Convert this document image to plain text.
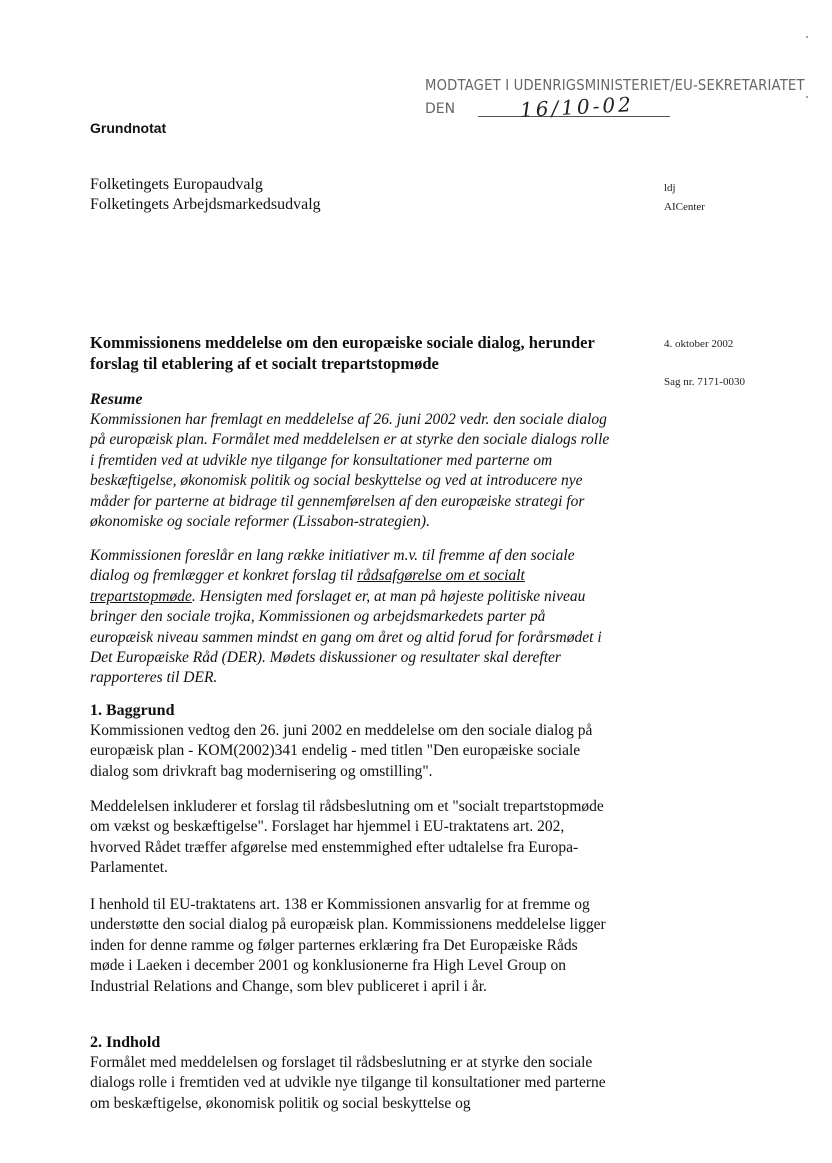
MODTAGET I UDENRIGSMINISTERIET/EU-SEKRETARIATET
DEN	16/10-02
Grundnotat
Folketingets Europaudvalg
Folketingets Arbejdsmarkedsudvalg
ldj
AICenter
4. oktober 2002
Sag nr. 7171-0030
Kommissionens meddelelse om den europæiske sociale dialog, herunder forslag til etablering af et socialt trepartstopmøde
Resume
Kommissionen har fremlagt en meddelelse af 26. juni 2002 vedr. den sociale dialog på europæisk plan. Formålet med meddelelsen er at styrke den sociale dialogs rolle i fremtiden ved at udvikle nye tilgange for konsultationer med parterne om beskæftigelse, økonomisk politik og social beskyttelse og ved at introducere nye måder for parterne at bidrage til gennemførelsen af den europæiske strategi for økonomiske og sociale reformer (Lissabon-strategien).
Kommissionen foreslår en lang række initiativer m.v. til fremme af den sociale dialog og fremlægger et konkret forslag til rådsafgørelse om et socialt trepartstopmøde. Hensigten med forslaget er, at man på højeste politiske niveau bringer den sociale trojka, Kommissionen og arbejdsmarkedets parter på europæisk niveau sammen mindst en gang om året og altid forud for forårsmødet i Det Europæiske Råd (DER). Mødets diskussioner og resultater skal derefter rapporteres til DER.
1. Baggrund
Kommissionen vedtog den 26. juni 2002 en meddelelse om den sociale dialog på europæisk plan - KOM(2002)341 endelig - med titlen "Den europæiske sociale dialog som drivkraft bag modernisering og omstilling".
Meddelelsen inkluderer et forslag til rådsbeslutning om et "socialt trepartstopmøde om vækst og beskæftigelse". Forslaget har hjemmel i EU-traktatens art. 202, hvorved Rådet træffer afgørelse med enstemmighed efter udtalelse fra Europa-Parlamentet.
I henhold til EU-traktatens art. 138 er Kommissionen ansvarlig for at fremme og understøtte den social dialog på europæisk plan. Kommissionens meddelelse ligger inden for denne ramme og følger parternes erklæring fra Det Europæiske Råds møde i Laeken i december 2001 og konklusionerne fra High Level Group on Industrial Relations and Change, som blev publiceret i april i år.
2. Indhold
Formålet med meddelelsen og forslaget til rådsbeslutning er at styrke den sociale dialogs rolle i fremtiden ved at udvikle nye tilgange til konsultationer med parterne om beskæftigelse, økonomisk politik og social beskyttelse og
